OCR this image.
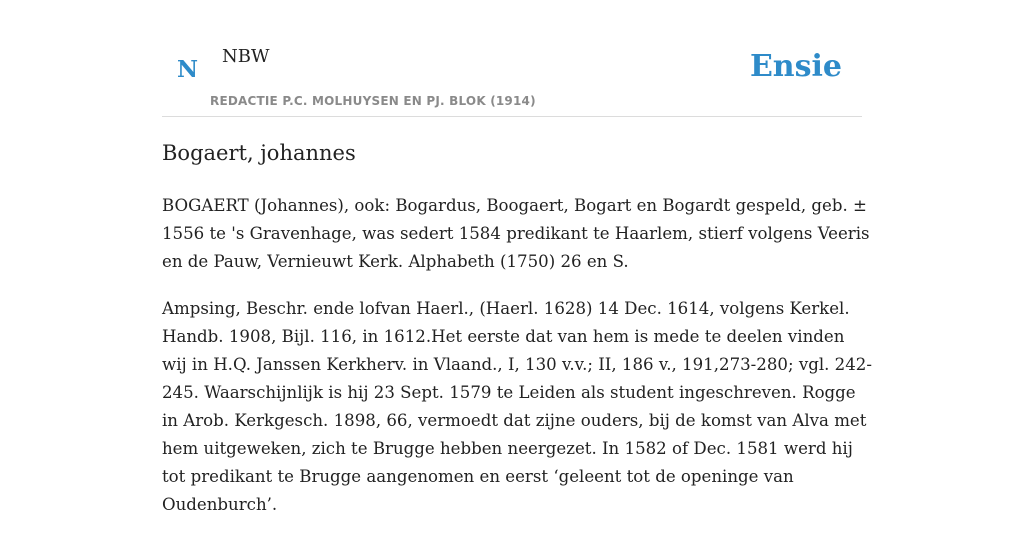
N NBW
REDACTIE P.C. MOLHUYSEN EN PJ. BLOK (1914)
Ensie
Bogaert, johannes

BOGAERT (Johannes), ook: Bogardus, Boogaert, Bogart en Bogardt gespeld, geb. ± 1556 te 's Gravenhage, was sedert 1584 predikant te Haarlem, stierf volgens Veeris en de Pauw, Vernieuwt Kerk. Alphabeth (1750) 26 en S.

Ampsing, Beschr. ende lofvan Haerl., (Haerl. 1628) 14 Dec. 1614, volgens Kerkel. Handb. 1908, Bijl. 116, in 1612.Het eerste dat van hem is mede te deelen vinden wij in H.Q. Janssen Kerkherv. in Vlaand., I, 130 v.v.; II, 186 v., 191,273-280; vgl. 242-245. Waarschijnlijk is hij 23 Sept. 1579 te Leiden als student ingeschreven. Rogge in Arob. Kerkgesch. 1898, 66, vermoedt dat zijne ouders, bij de komst van Alva met hem uitgeweken, zich te Brugge hebben neergezet. In 1582 of Dec. 1581 werd hij tot predikant te Brugge aangenomen en eerst ‘geleent tot de openinge van Oudenburch’.
